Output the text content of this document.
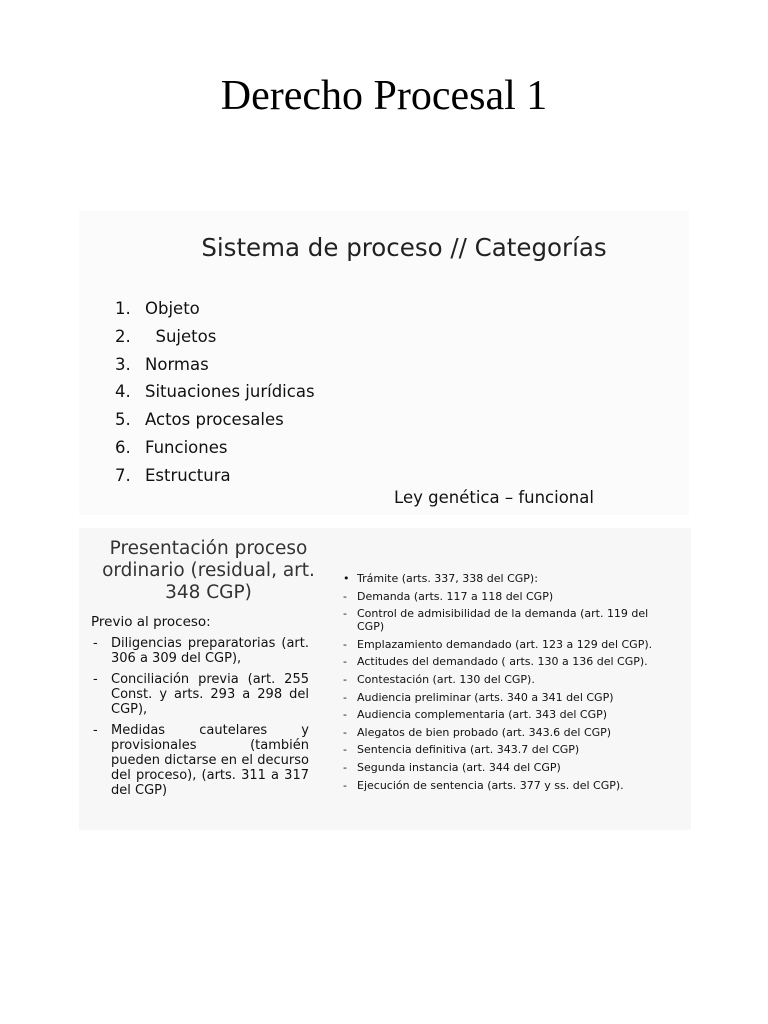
Derecho Procesal 1
Sistema de proceso // Categorías
1. Objeto
2.  Sujetos
3. Normas
4. Situaciones jurídicas
5. Actos procesales
6. Funciones
7. Estructura
Ley genética – funcional
Presentación proceso ordinario (residual, art. 348 CGP)
Previo al proceso:
- Diligencias preparatorias (art. 306 a 309 del CGP),
- Conciliación previa (art. 255 Const. y arts. 293 a 298 del CGP),
- Medidas cautelares y provisionales (también pueden dictarse en el decurso del proceso), (arts. 311 a 317 del CGP)
• Trámite (arts. 337, 338 del CGP):
- Demanda (arts. 117 a 118 del CGP)
- Control de admisibilidad de la demanda (art. 119 del CGP)
- Emplazamiento demandado (art. 123 a 129 del CGP).
- Actitudes del demandado ( arts. 130 a 136 del CGP).
- Contestación (art. 130 del CGP).
- Audiencia preliminar (arts. 340 a 341 del CGP)
- Audiencia complementaria (art. 343 del CGP)
- Alegatos de bien probado (art. 343.6 del CGP)
- Sentencia definitiva (art. 343.7 del CGP)
- Segunda instancia (art. 344 del CGP)
- Ejecución de sentencia (arts. 377 y ss. del CGP).
